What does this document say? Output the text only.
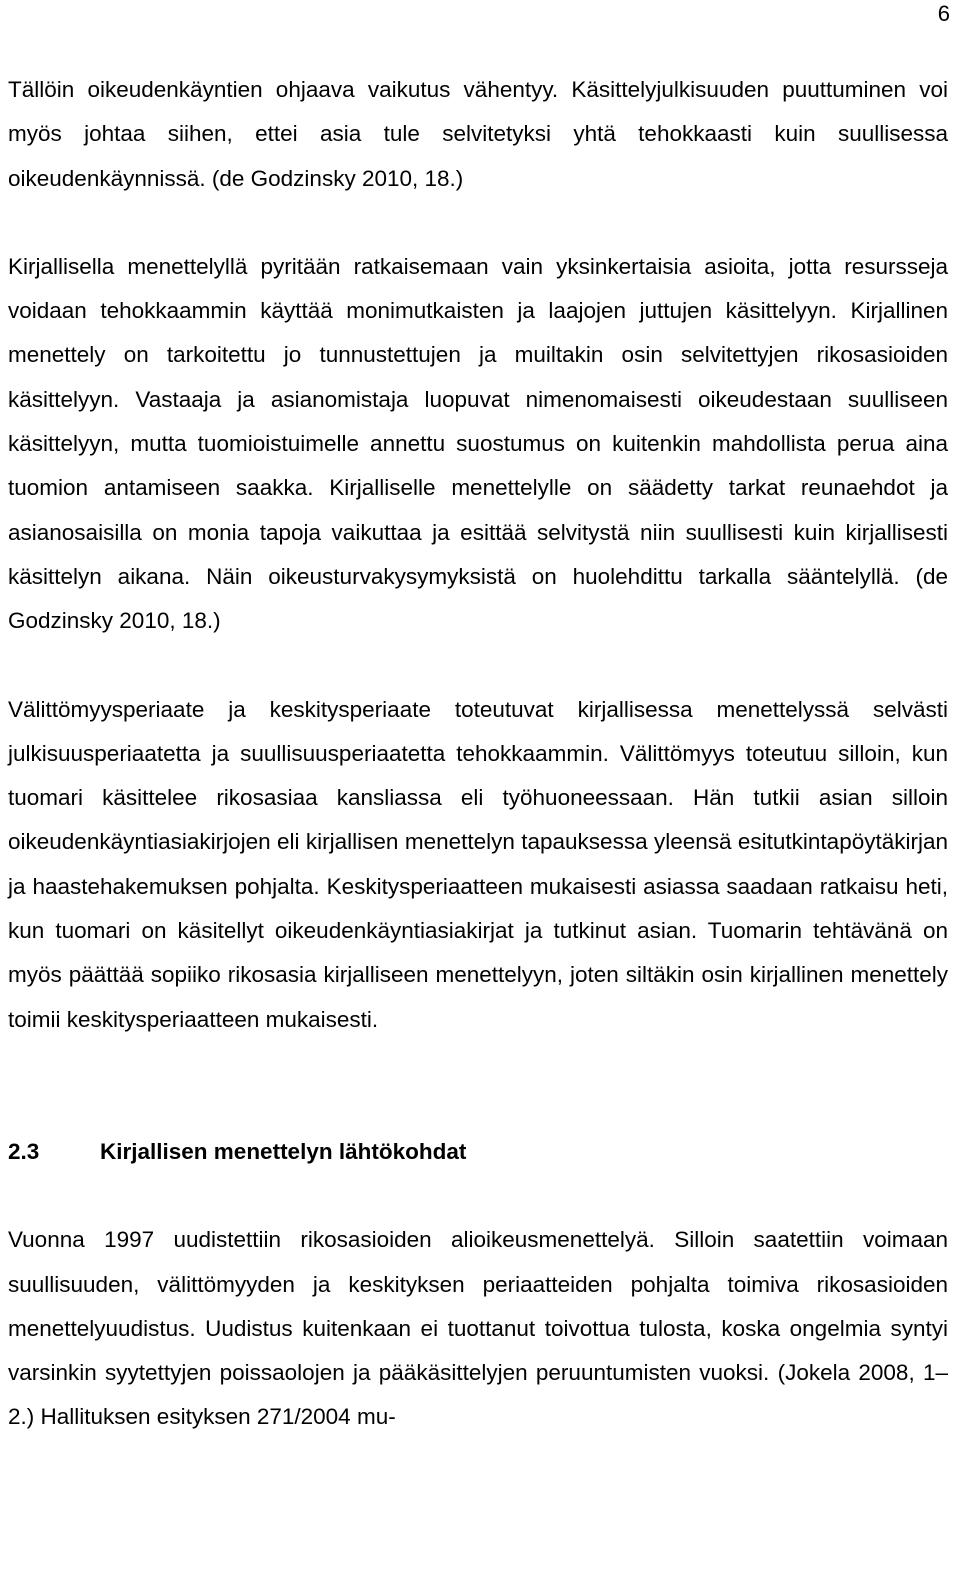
6

Tällöin oikeudenkäyntien ohjaava vaikutus vähentyy. Käsittelyjulkisuuden puuttuminen voi myös johtaa siihen, ettei asia tule selvitetyksi yhtä tehokkaasti kuin suullisessa oikeudenkäynnissä. (de Godzinsky 2010, 18.)

Kirjallisella menettelyllä pyritään ratkaisemaan vain yksinkertaisia asioita, jotta resursseja voidaan tehokkaammin käyttää monimutkaisten ja laajojen juttujen käsittelyyn. Kirjallinen menettely on tarkoitettu jo tunnustettujen ja muiltakin osin selvitettyjen rikosasioiden käsittelyyn. Vastaaja ja asianomistaja luopuvat nimenomaisesti oikeudestaan suulliseen käsittelyyn, mutta tuomioistuimelle annettu suostumus on kuitenkin mahdollista perua aina tuomion antamiseen saakka. Kirjalliselle menettelylle on säädetty tarkat reunaehdot ja asianosaisilla on monia tapoja vaikuttaa ja esittää selvitystä niin suullisesti kuin kirjallisesti käsittelyn aikana. Näin oikeusturvakysymyksistä on huolehdittu tarkalla sääntelyllä. (de Godzinsky 2010, 18.)

Välittömyysperiaate ja keskitysperiaate toteutuvat kirjallisessa menettelyssä selvästi julkisuusperiaatetta ja suullisuusperiaatetta tehokkaammin. Välittömyys toteutuu silloin, kun tuomari käsittelee rikosasiaa kansliassa eli työhuoneessaan. Hän tutkii asian silloin oikeudenkäyntiasiakirjojen eli kirjallisen menettelyn tapauksessa yleensä esitutkintapöytäkirjan ja haastehakemuksen pohjalta. Keskitysperiaatteen mukaisesti asiassa saadaan ratkaisu heti, kun tuomari on käsitellyt oikeudenkäyntiasiakirjat ja tutkinut asian. Tuomarin tehtävänä on myös päättää sopiiko rikosasia kirjalliseen menettelyyn, joten siltäkin osin kirjallinen menettely toimii keskitysperiaatteen mukaisesti.

2.3	Kirjallisen menettelyn lähtökohdat

Vuonna 1997 uudistettiin rikosasioiden alioikeusmenettelyä. Silloin saatettiin voimaan suullisuuden, välittömyyden ja keskityksen periaatteiden pohjalta toimiva rikosasioiden menettelyuudistus. Uudistus kuitenkaan ei tuottanut toivottua tulosta, koska ongelmia syntyi varsinkin syytettyjen poissaolojen ja pääkäsittelyjen peruuntumisten vuoksi. (Jokela 2008, 1–2.) Hallituksen esityksen 271/2004 mu-
